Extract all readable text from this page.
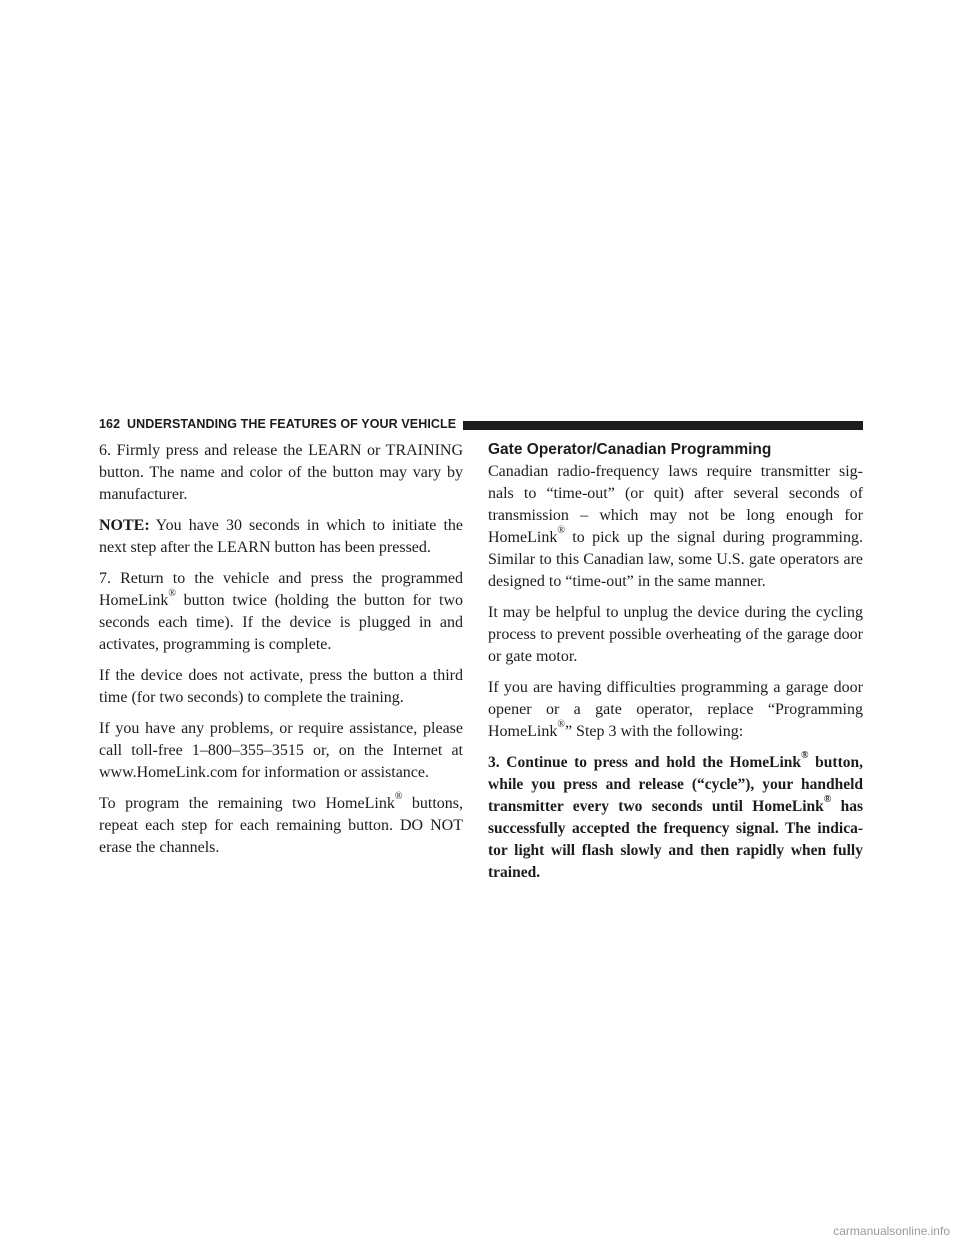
162 UNDERSTANDING THE FEATURES OF YOUR VEHICLE

6. Firmly press and release the LEARN or TRAINING button. The name and color of the button may vary by manufacturer.

NOTE: You have 30 seconds in which to initiate the next step after the LEARN button has been pressed.

7. Return to the vehicle and press the programmed HomeLink® button twice (holding the button for two seconds each time). If the device is plugged in and activates, programming is complete.

If the device does not activate, press the button a third time (for two seconds) to complete the training.

If you have any problems, or require assistance, please call toll-free 1–800–355–3515 or, on the Internet at www.HomeLink.com for information or assistance.

To program the remaining two HomeLink® buttons, repeat each step for each remaining button. DO NOT erase the channels.

Gate Operator/Canadian Programming

Canadian radio-frequency laws require transmitter sig-nals to “time-out” (or quit) after several seconds of transmission – which may not be long enough for HomeLink® to pick up the signal during programming. Similar to this Canadian law, some U.S. gate operators are designed to “time-out” in the same manner.

It may be helpful to unplug the device during the cycling process to prevent possible overheating of the garage door or gate motor.

If you are having difficulties programming a garage door opener or a gate operator, replace “Programming HomeLink®” Step 3 with the following:

3. Continue to press and hold the HomeLink® button, while you press and release (“cycle”), your handheld transmitter every two seconds until HomeLink® has successfully accepted the frequency signal. The indica-tor light will flash slowly and then rapidly when fully trained.

carmanualsonline.info
